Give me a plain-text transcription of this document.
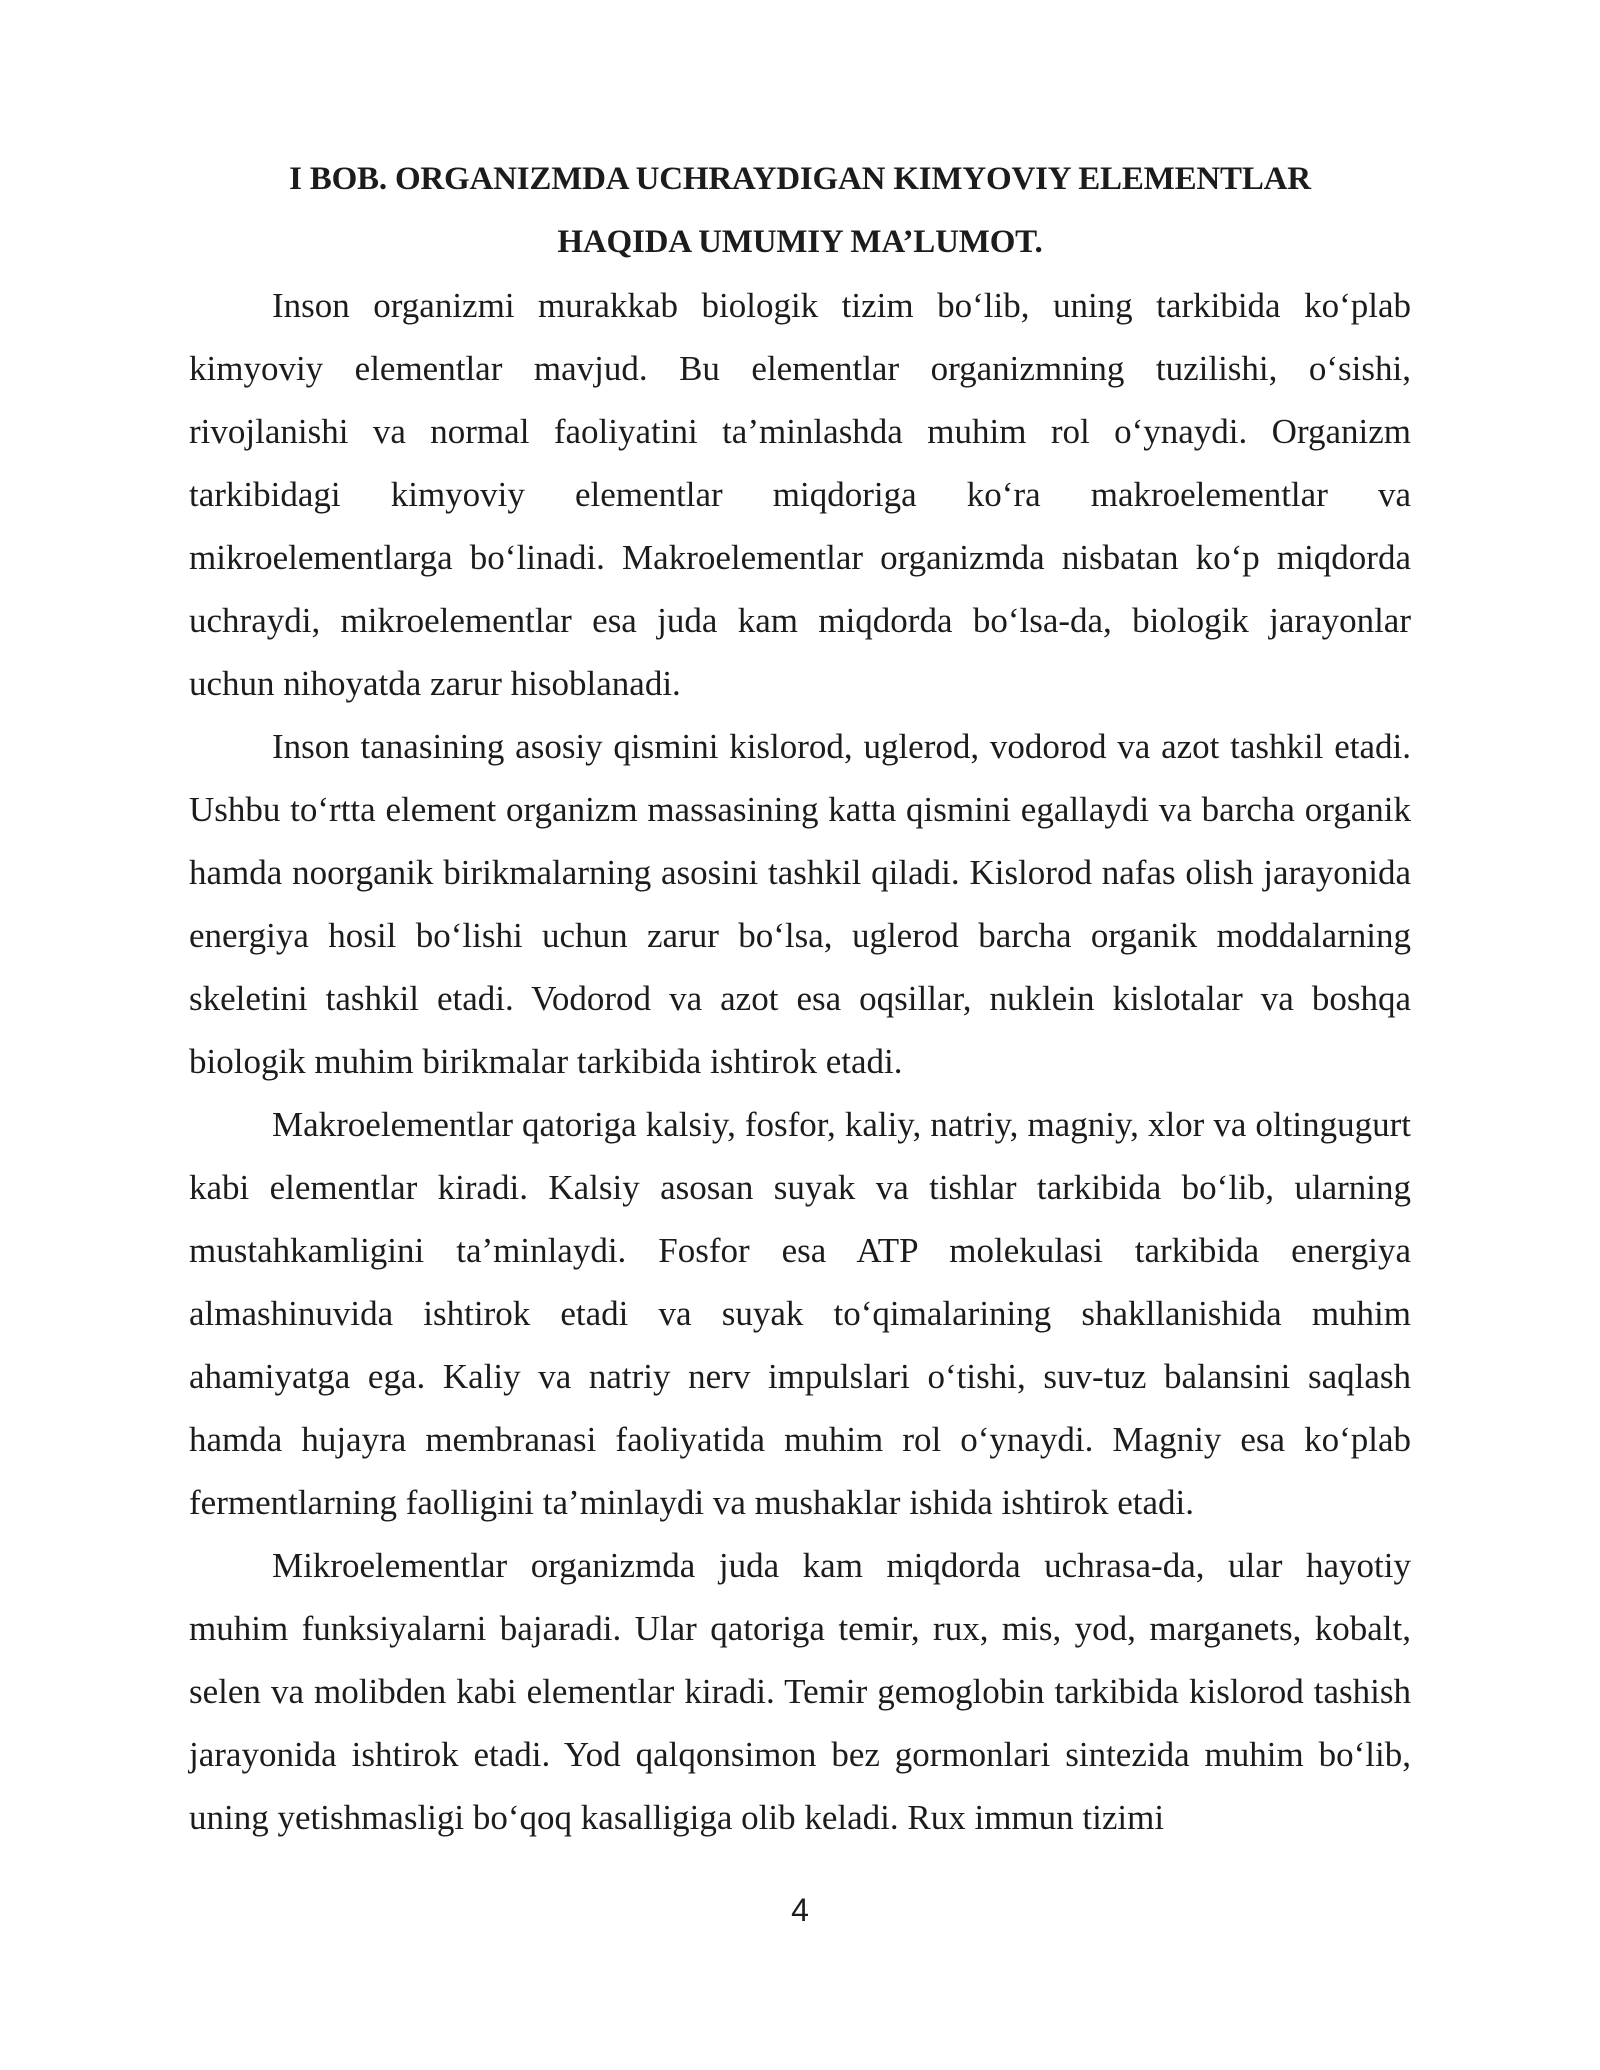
I BOB. ORGANIZMDA UCHRAYDIGAN KIMYOVIY ELEMENTLAR

HAQIDA UMUMIY MA’LUMOT.

Inson organizmi murakkab biologik tizim bo‘lib, uning tarkibida ko‘plab kimyoviy elementlar mavjud. Bu elementlar organizmning tuzilishi, o‘sishi, rivojlanishi va normal faoliyatini ta’minlashda muhim rol o‘ynaydi. Organizm tarkibidagi kimyoviy elementlar miqdoriga ko‘ra makroelementlar va mikroelementlarga bo‘linadi. Makroelementlar organizmda nisbatan ko‘p miqdorda uchraydi, mikroelementlar esa juda kam miqdorda bo‘lsa-da, biologik jarayonlar uchun nihoyatda zarur hisoblanadi.

Inson tanasining asosiy qismini kislorod, uglerod, vodorod va azot tashkil etadi. Ushbu to‘rtta element organizm massasining katta qismini egallaydi va barcha organik hamda noorganik birikmalarning asosini tashkil qiladi. Kislorod nafas olish jarayonida energiya hosil bo‘lishi uchun zarur bo‘lsa, uglerod barcha organik moddalarning skeletini tashkil etadi. Vodorod va azot esa oqsillar, nuklein kislotalar va boshqa biologik muhim birikmalar tarkibida ishtirok etadi.

Makroelementlar qatoriga kalsiy, fosfor, kaliy, natriy, magniy, xlor va oltingugurt kabi elementlar kiradi. Kalsiy asosan suyak va tishlar tarkibida bo‘lib, ularning mustahkamligini ta’minlaydi. Fosfor esa ATP molekulasi tarkibida energiya almashinuvida ishtirok etadi va suyak to‘qimalarining shakllanishida muhim ahamiyatga ega. Kaliy va natriy nerv impulslari o‘tishi, suv-tuz balansini saqlash hamda hujayra membranasi faoliyatida muhim rol o‘ynaydi. Magniy esa ko‘plab fermentlarning faolligini ta’minlaydi va mushaklar ishida ishtirok etadi.

Mikroelementlar organizmda juda kam miqdorda uchrasa-da, ular hayotiy muhim funksiyalarni bajaradi. Ular qatoriga temir, rux, mis, yod, marganets, kobalt, selen va molibden kabi elementlar kiradi. Temir gemoglobin tarkibida kislorod tashish jarayonida ishtirok etadi. Yod qalqonsimon bez gormonlari sintezida muhim bo‘lib, uning yetishmasligi bo‘qoq kasalligiga olib keladi. Rux immun tizimi

4
